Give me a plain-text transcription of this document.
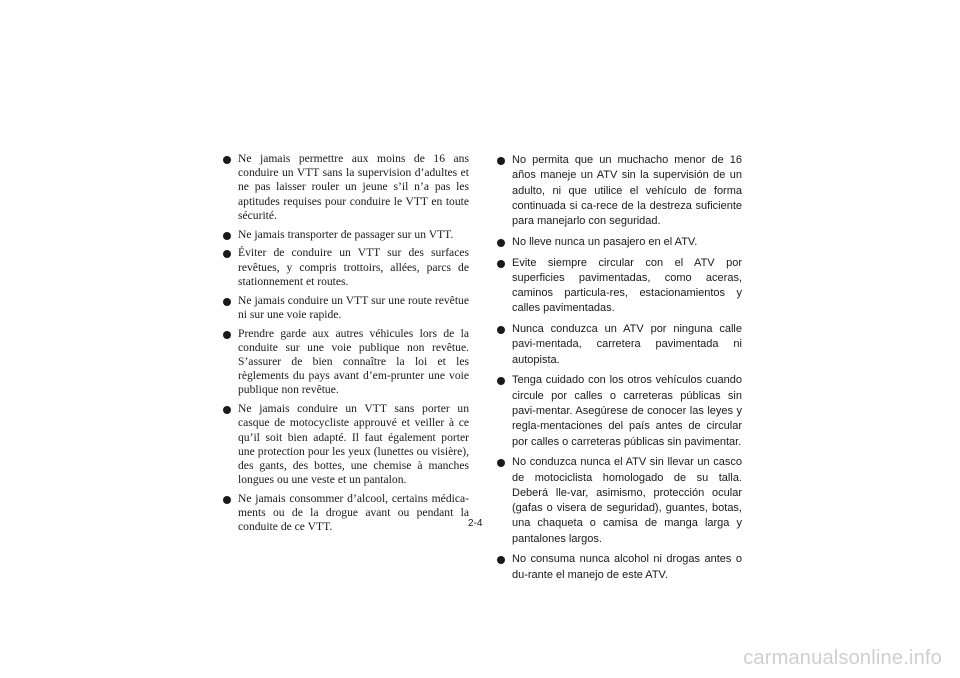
Ne jamais permettre aux moins de 16 ans conduire un VTT sans la supervision d’adultes et ne pas laisser rouler un jeune s’il n’a pas les aptitudes requises pour conduire le VTT en toute sécurité.
Ne jamais transporter de passager sur un VTT.
Éviter de conduire un VTT sur des surfaces revêtues, y compris trottoirs, allées, parcs de stationnement et routes.
Ne jamais conduire un VTT sur une route revêtue ni sur une voie rapide.
Prendre garde aux autres véhicules lors de la conduite sur une voie publique non revêtue. S’assurer de bien connaître la loi et les règlements du pays avant d’em-prunter une voie publique non revêtue.
Ne jamais conduire un VTT sans porter un casque de motocycliste approuvé et veiller à ce qu’il soit bien adapté. Il faut également porter une protection pour les yeux (lunettes ou visière), des gants, des bottes, une chemise à manches longues ou une veste et un pantalon.
Ne jamais consommer d’alcool, certains médica-ments ou de la drogue avant ou pendant la conduite de ce VTT.
No permita que un muchacho menor de 16 años maneje un ATV sin la supervisión de un adulto, ni que utilice el vehículo de forma continuada si ca-rece de la destreza suficiente para manejarlo con seguridad.
No lleve nunca un pasajero en el ATV.
Evite siempre circular con el ATV por superficies pavimentadas, como aceras, caminos particula-res, estacionamientos y calles pavimentadas.
Nunca conduzca un ATV por ninguna calle pavi-mentada, carretera pavimentada ni autopista.
Tenga cuidado con los otros vehículos cuando circule por calles o carreteras públicas sin pavi-mentar. Asegúrese de conocer las leyes y regla-mentaciones del país antes de circular por calles o carreteras públicas sin pavimentar.
No conduzca nunca el ATV sin llevar un casco de motociclista homologado de su talla. Deberá lle-var, asimismo, protección ocular (gafas o visera de seguridad), guantes, botas, una chaqueta o camisa de manga larga y pantalones largos.
No consuma nunca alcohol ni drogas antes o du-rante el manejo de este ATV.
2-4
carmanualsonline.info
